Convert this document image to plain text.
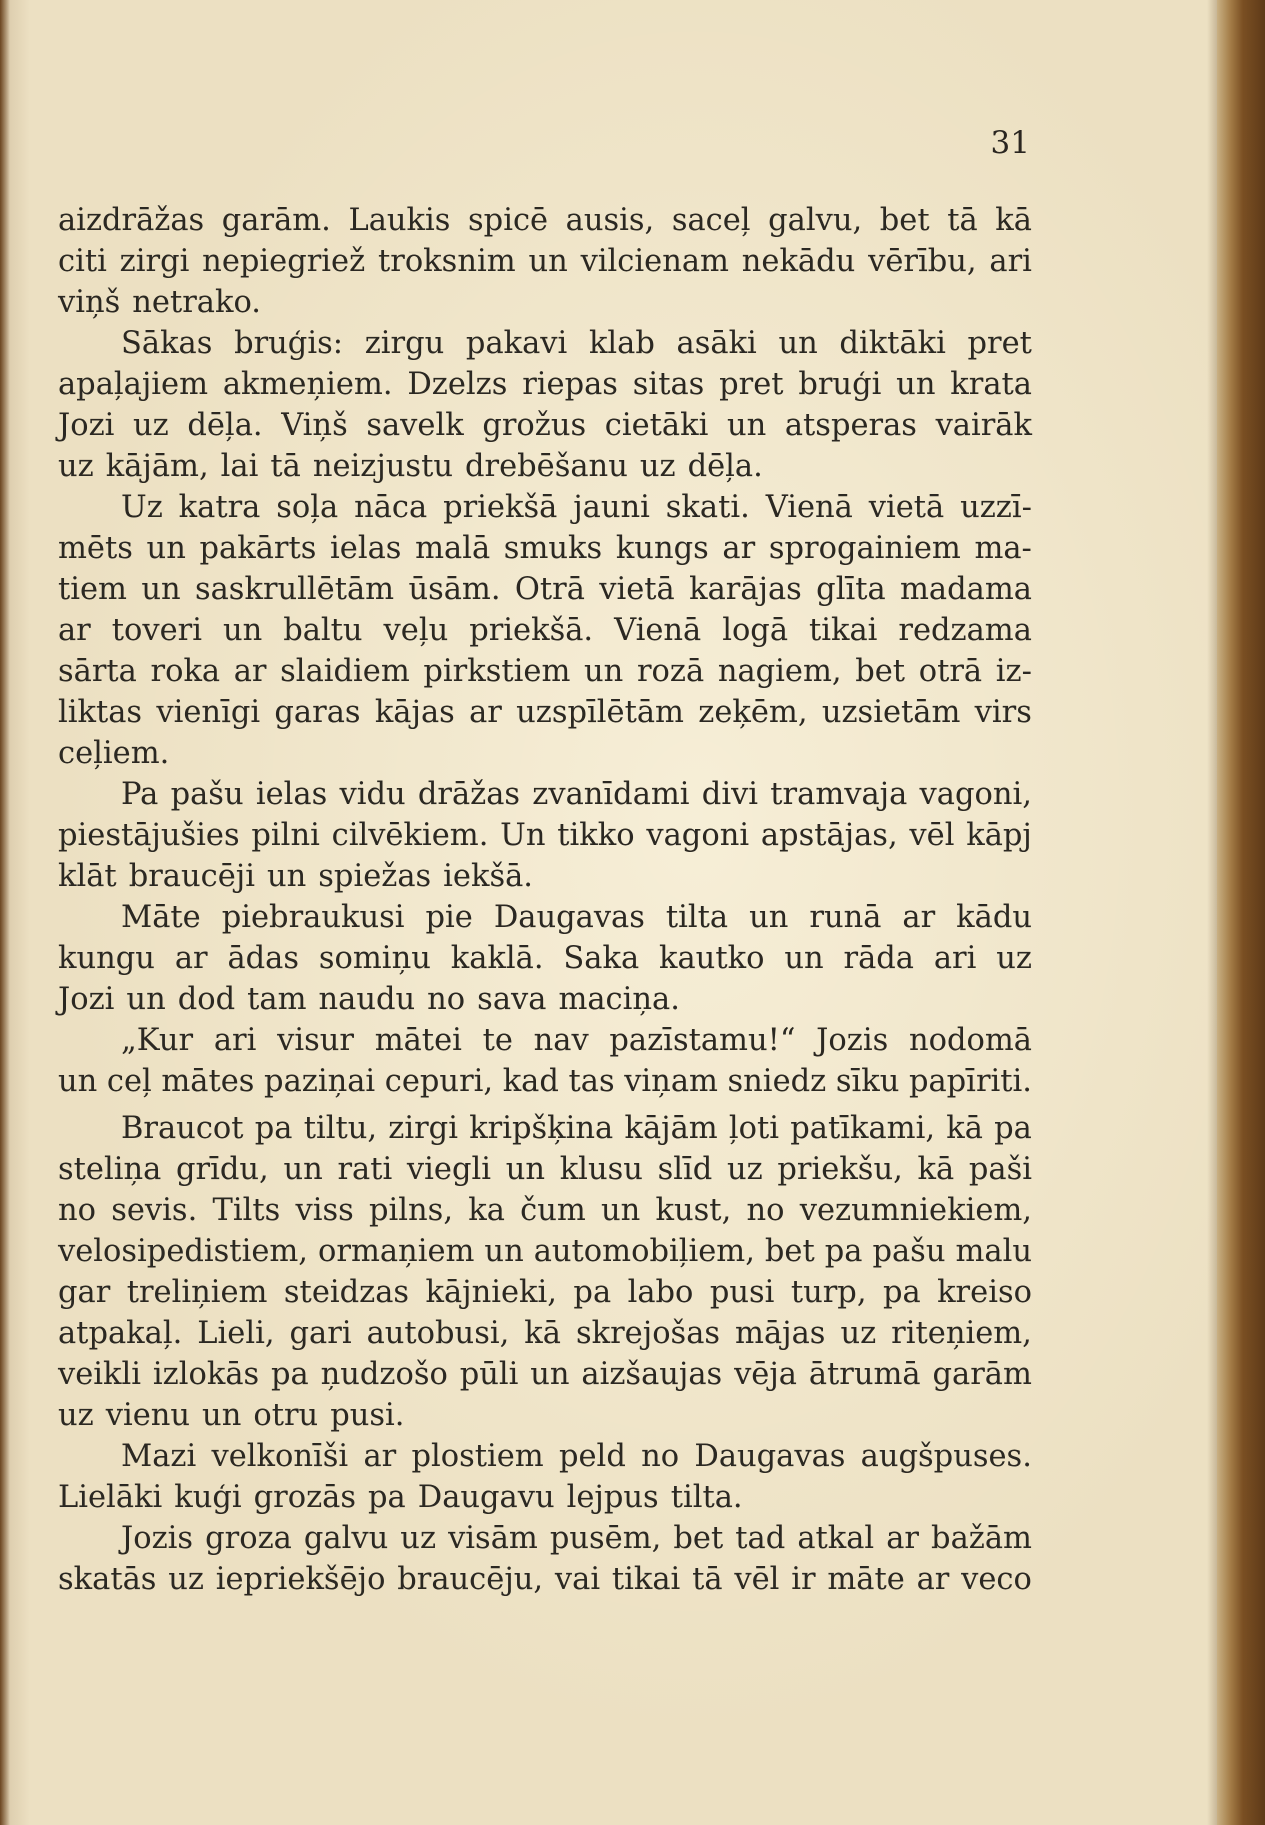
31
aizdrāžas garām. Laukis spicē ausis, saceļ galvu, bet tā kā
citi zirgi nepiegriež troksnim un vilcienam nekādu vērību, ari
viņš netrako.
Sākas bruģis: zirgu pakavi klab asāki un diktāki pret
apaļajiem akmeņiem. Dzelzs riepas sitas pret bruģi un krata
Jozi uz dēļa. Viņš savelk grožus cietāki un atsperas vairāk
uz kājām, lai tā neizjustu drebēšanu uz dēļa.
Uz katra soļa nāca priekšā jauni skati. Vienā vietā uzzī-
mēts un pakārts ielas malā smuks kungs ar sprogainiem ma-
tiem un saskrullētām ūsām. Otrā vietā karājas glīta madama
ar toveri un baltu veļu priekšā. Vienā logā tikai redzama
sārta roka ar slaidiem pirkstiem un rozā nagiem, bet otrā iz-
liktas vienīgi garas kājas ar uzspīlētām zeķēm, uzsietām virs
ceļiem.
Pa pašu ielas vidu drāžas zvanīdami divi tramvaja vagoni,
piestājušies pilni cilvēkiem. Un tikko vagoni apstājas, vēl kāpj
klāt braucēji un spiežas iekšā.
Māte piebraukusi pie Daugavas tilta un runā ar kādu
kungu ar ādas somiņu kaklā. Saka kautko un rāda ari uz
Jozi un dod tam naudu no sava maciņa.
„Kur ari visur mātei te nav pazīstamu!“ Jozis nodomā
un ceļ mātes paziņai cepuri, kad tas viņam sniedz sīku papīriti.
Braucot pa tiltu, zirgi kripšķina kājām ļoti patīkami, kā pa
steliņa grīdu, un rati viegli un klusu slīd uz priekšu, kā paši
no sevis. Tilts viss pilns, ka čum un kust, no vezumniekiem,
velosipedistiem, ormaņiem un automobiļiem, bet pa pašu malu
gar treliņiem steidzas kājnieki, pa labo pusi turp, pa kreiso
atpakaļ. Lieli, gari autobusi, kā skrejošas mājas uz riteņiem,
veikli izlokās pa ņudzošo pūli un aizšaujas vēja ātrumā garām
uz vienu un otru pusi.
Mazi velkonīši ar plostiem peld no Daugavas augšpuses.
Lielāki kuģi grozās pa Daugavu lejpus tilta.
Jozis groza galvu uz visām pusēm, bet tad atkal ar bažām
skatās uz iepriekšējo braucēju, vai tikai tā vēl ir māte ar veco
